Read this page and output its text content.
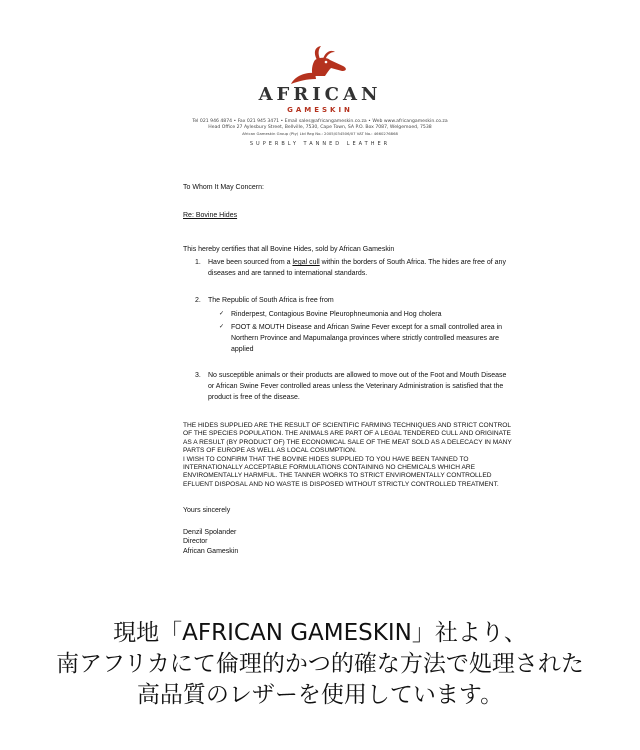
AFRICAN
GAMESKIN
Tel 021 946 4874 • Fax 021 945 3471 • Email sales@africangameskin.co.za • Web www.africangameskin.co.za
Head Office 27 Aylesbury Street, Bellville, 7530, Cape Town, SA P.O. Box 7087, Welgemoed, 7538
African Gameskin Group (Pty) Ltd Reg No.: 2005/034506/07 VAT No.: 4660276868
SUPERBLY TANNED LEATHER
To Whom It May Concern:
Re: Bovine Hides
This hereby certifies that all Bovine Hides, sold by African Gameskin
1.	Have been sourced from a legal cull within the borders of South Africa. The hides are free of any diseases and are tanned to international standards.
2.	The Republic of South Africa is free from
✓ Rinderpest, Contagious Bovine Pleurophneumonia and Hog cholera
✓ FOOT & MOUTH Disease and African Swine Fever except for a small controlled area in Northern Province and Mapumalanga provinces where strictly controlled measures are applied
3.	No susceptible animals or their products are allowed to move out of the Foot and Mouth Disease or African Swine Fever controlled areas unless the Veterinary Administration is satisfied that the product is free of the disease.
THE HIDES SUPPLIED ARE THE RESULT OF SCIENTIFIC FARMING TECHNIQUES AND STRICT CONTROL OF THE SPECIES POPULATION. THE ANIMALS ARE PART OF A LEGAL TENDERED CULL AND ORIGINATE AS A RESULT (BY PRODUCT OF) THE ECONOMICAL SALE OF THE MEAT SOLD AS A DELECACY IN MANY PARTS OF EUROPE AS WELL AS LOCAL COSUMPTION.
I WISH TO CONFIRM THAT THE BOVINE HIDES SUPPLIED TO YOU HAVE BEEN TANNED TO INTERNATIONALLY ACCEPTABLE FORMULATIONS CONTAINING NO CHEMICALS WHICH ARE ENVIROMENTALLY HARMFUL. THE TANNER WORKS TO STRICT ENVIROMENTALLY CONTROLLED EFLUENT DISPOSAL AND NO WASTE IS DISPOSED WITHOUT STRICTLY CONTROLLED TREATMENT.
Yours sincerely
Denzil Spolander
Director
African Gameskin
現地「AFRICAN GAMESKIN」社より、
南アフリカにて倫理的かつ的確な方法で処理された
高品質のレザーを使用しています。
